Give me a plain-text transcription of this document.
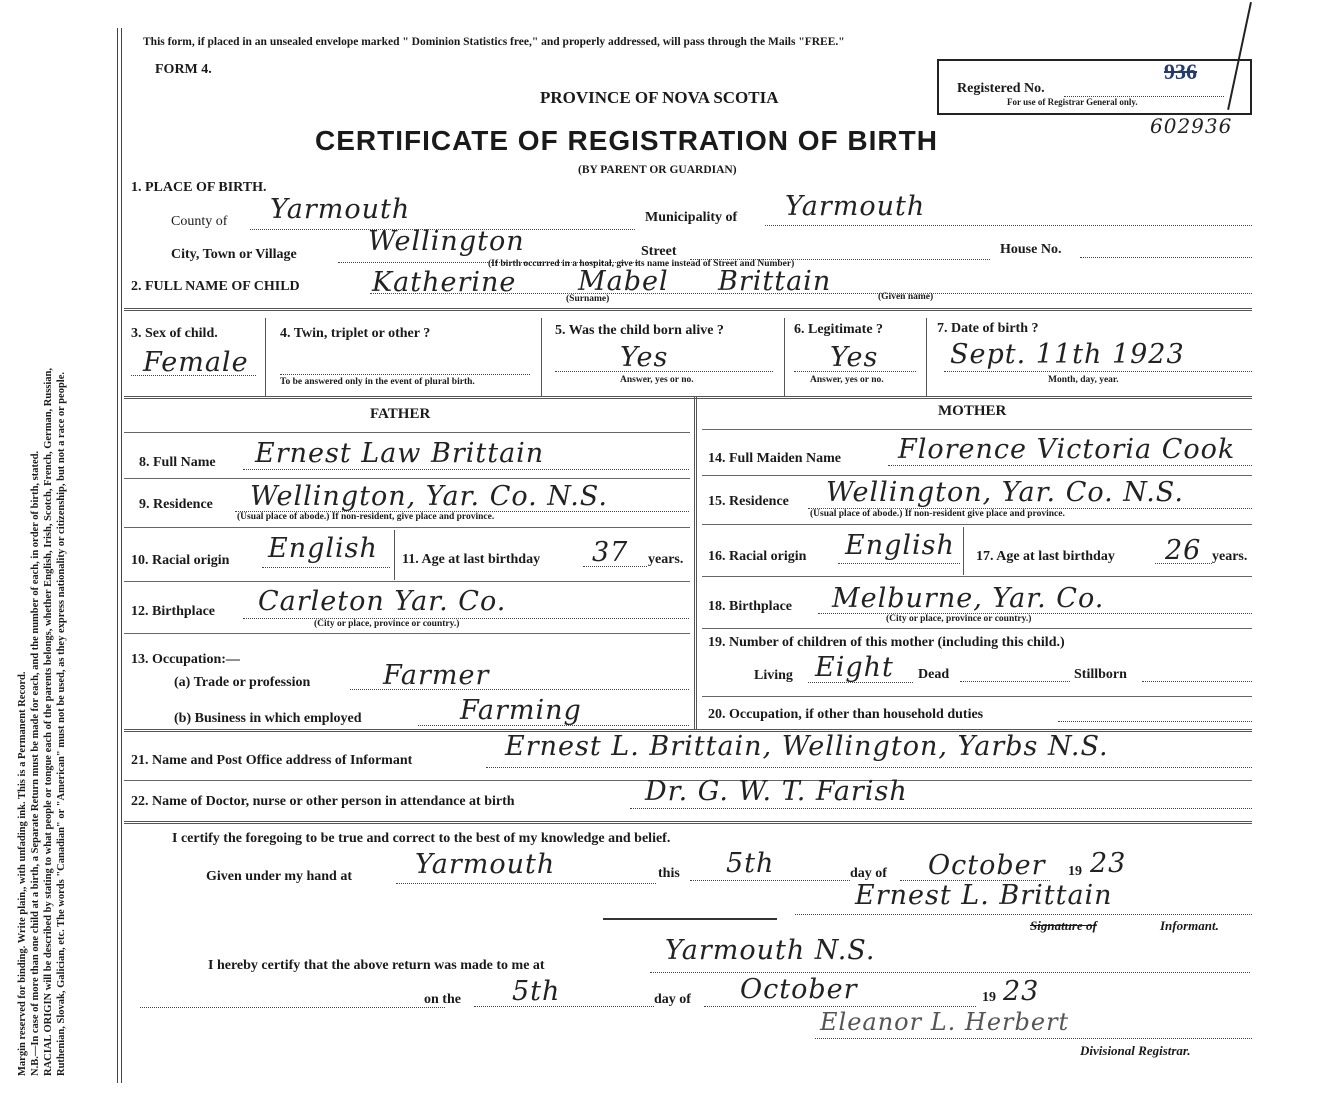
Margin reserved for binding. Write plain,, with unfading ink. This is a Permanent Record. N.B.—In case of more than one child at a birth, a Separate Return must be made for each, and the number of each, in order of birth, stated. RACIAL ORIGIN will be described by stating to what people or tongue each of the parents belongs, whether English, Irish, Scotch, French, German, Russian, Ruthenian, Slovak, Galician, etc. The words "Canadian" or "American" must not be used, as they express nationality or citizenship, but not a race or people.
This form, if placed in an unsealed envelope marked " Dominion Statistics free," and properly addressed, will pass through the Mails "FREE."
FORM 4.
PROVINCE OF NOVA SCOTIA
CERTIFICATE OF REGISTRATION OF BIRTH
(BY PARENT OR GUARDIAN)
Registered No.
936
For use of Registrar General only.
602936
1. PLACE OF BIRTH.
County of Yarmouth	Municipality of Yarmouth
City, Town or Village	Wellington	Street	House No.
(If birth occurred in a hospital, give its name instead of Street and Number)
2. FULL NAME OF CHILD	Katherine Mabel Brittain
(Surname)	(Given name)
3. Sex of child.
Female
4. Twin, triplet or other ?
To be answered only in the event of plural birth.
5. Was the child born alive ?
Yes
Answer, yes or no.
6. Legitimate ?
Yes
Answer, yes or no.
7. Date of birth ?
Sept. 11th 1923
Month, day, year.
FATHER
8. Full Name Ernest Law Brittain
9. Residence Wellington, Yar. Co. N.S.
(Usual place of abode.) If non-resident, give place and province.
10. Racial origin English 11. Age at last birthday 37 years.
12. Birthplace Carleton Yar. Co.
(City or place, province or country.)
13. Occupation:—
(a) Trade or profession	Farmer
(b) Business in which employed	Farming
MOTHER
14. Full Maiden Name Florence Victoria Cook
15. Residence Wellington, Yar. Co. N.S.
(Usual place of abode.) If non-resident give place and province.
16. Racial origin English 17. Age at last birthday 26 years.
18. Birthplace Melburne, Yar. Co.
(City or place, province or country.)
19. Number of children of this mother (including this child.)
Living Eight Dead	Stillborn
20. Occupation, if other than household duties
21. Name and Post Office address of Informant	Ernest L. Brittain, Wellington, Yarbs N.S.
22. Name of Doctor, nurse or other person in attendance at birth	Dr. G. W. T. Farish
I certify the foregoing to be true and correct to the best of my knowledge and belief.
Given under my hand at Yarmouth	this 5th	day of October 19 23
Ernest L. Brittain
Signature of	Informant.
I hereby certify that the above return was made to me at	Yarmouth N.S.
on the 5th	day of October	19 23
Eleanor L. Herbert
Divisional Registrar.
